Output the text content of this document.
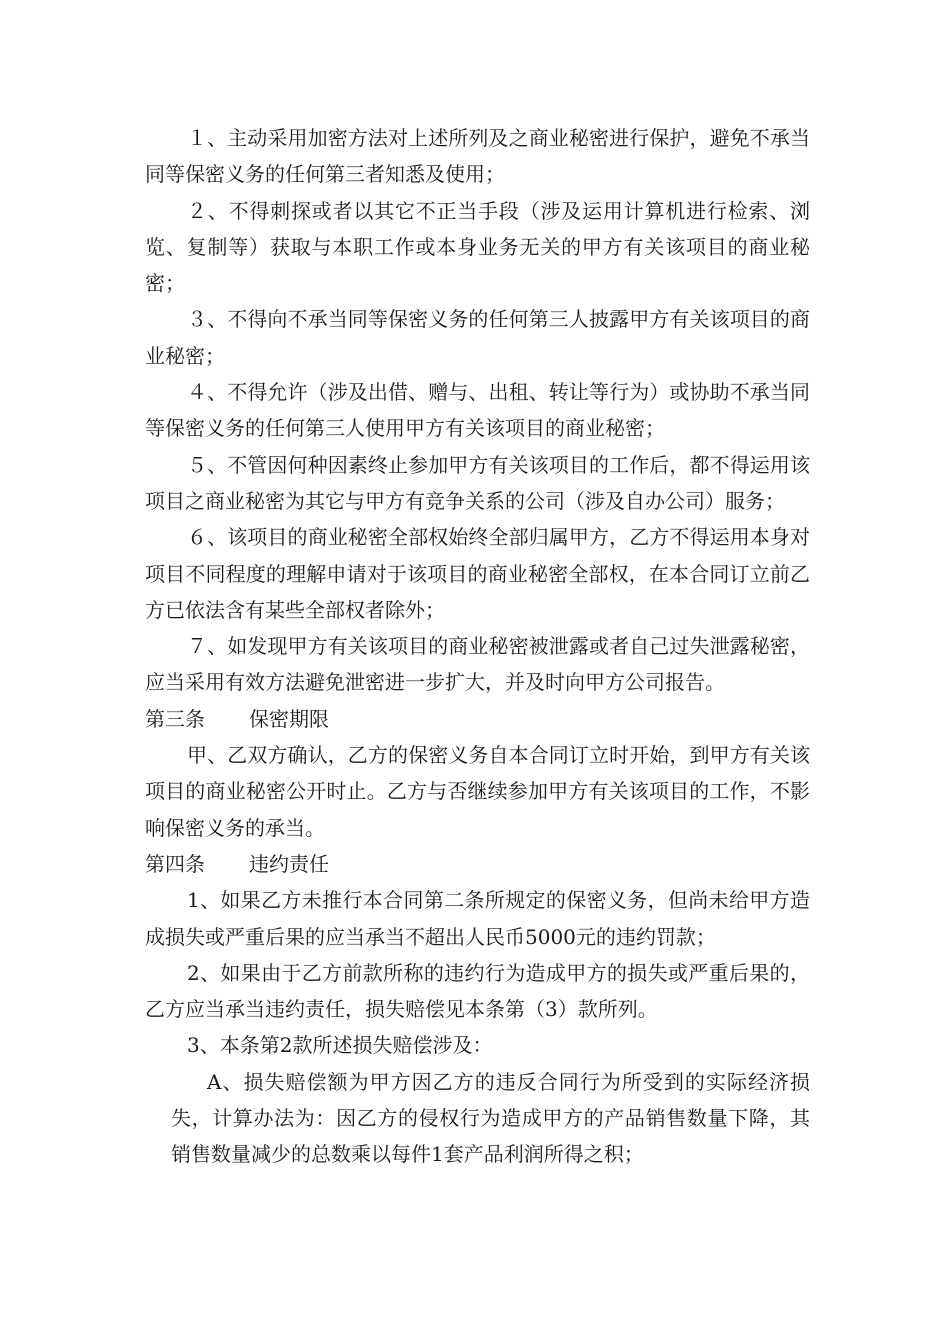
１、主动采用加密方法对上述所列及之商业秘密进行保护，避免不承当同等保密义务的任何第三者知悉及使用；

２、不得刺探或者以其它不正当手段（涉及运用计算机进行检索、浏览、复制等）获取与本职工作或本身业务无关的甲方有关该项目的商业秘密；

３、不得向不承当同等保密义务的任何第三人披露甲方有关该项目的商业秘密；

４、不得允许（涉及出借、赠与、出租、转让等行为）或协助不承当同等保密义务的任何第三人使用甲方有关该项目的商业秘密；

５、不管因何种因素终止参加甲方有关该项目的工作后，都不得运用该项目之商业秘密为其它与甲方有竞争关系的公司（涉及自办公司）服务；

６、该项目的商业秘密全部权始终全部归属甲方，乙方不得运用本身对项目不同程度的理解申请对于该项目的商业秘密全部权，在本合同订立前乙方已依法含有某些全部权者除外；

７、如发现甲方有关该项目的商业秘密被泄露或者自己过失泄露秘密，应当采用有效方法避免泄密进一步扩大，并及时向甲方公司报告。

第三条 保密期限

甲、乙双方确认，乙方的保密义务自本合同订立时开始，到甲方有关该项目的商业秘密公开时止。乙方与否继续参加甲方有关该项目的工作，不影响保密义务的承当。

第四条 违约责任

1、如果乙方未推行本合同第二条所规定的保密义务，但尚未给甲方造成损失或严重后果的应当承当不超出人民币5000元的违约罚款；

2、如果由于乙方前款所称的违约行为造成甲方的损失或严重后果的，乙方应当承当违约责任，损失赔偿见本条第（3）款所列。

3、本条第2款所述损失赔偿涉及：

A、损失赔偿额为甲方因乙方的违反合同行为所受到的实际经济损失，计算办法为：因乙方的侵权行为造成甲方的产品销售数量下降，其销售数量减少的总数乘以每件1套产品利润所得之积；
